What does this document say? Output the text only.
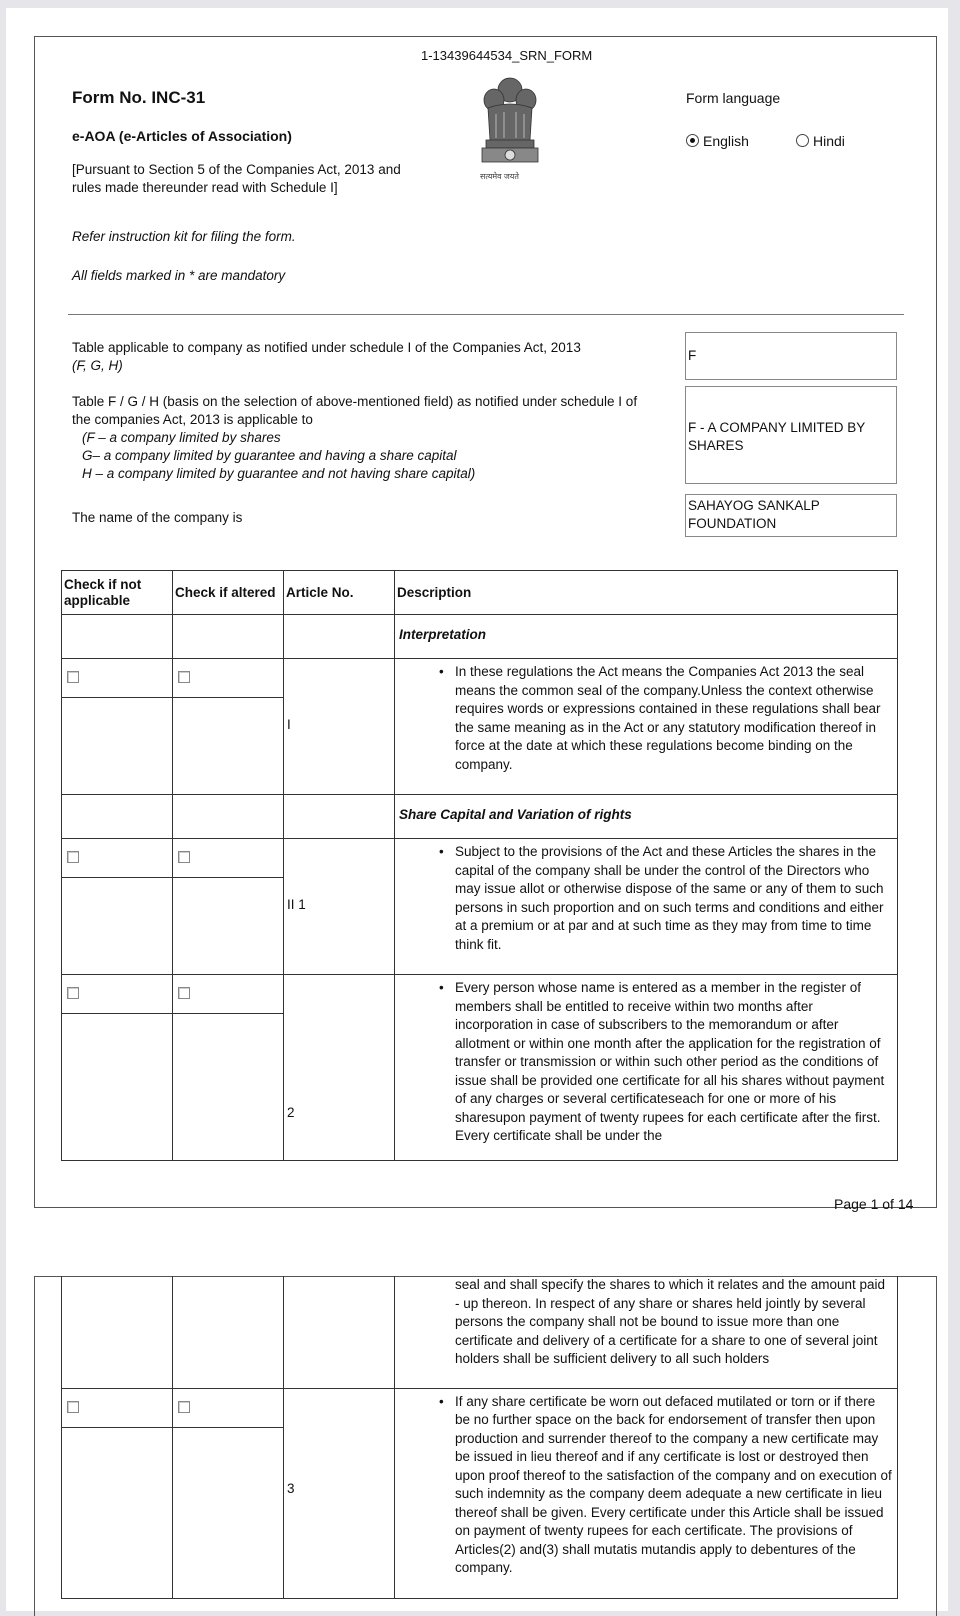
1-13439644534_SRN_FORM
Form No. INC-31
e-AOA (e-Articles of Association)
[Pursuant to Section 5 of the Companies Act, 2013 and rules made thereunder read with Schedule I]
सत्यमेव जयते
Refer instruction kit for filing the form.
All fields marked in * are mandatory
Form language
English	Hindi
Table applicable to company as notified under schedule I of the Companies Act, 2013
(F, G, H)
F
Table F / G / H (basis on the selection of above-mentioned field) as notified under schedule I of
the companies Act, 2013 is applicable to
(F – a company limited by shares
G– a company limited by guarantee and having a share capital
H – a company limited by guarantee and not having share capital)
F - A COMPANY LIMITED BY
SHARES
The name of the company is
SAHAYOG SANKALP
FOUNDATION
Check if not applicable	Check if altered	Article No.	Description

			Interpretation

		I	• In these regulations the Act means the Companies Act 2013 the seal means the common seal of the company.Unless the context otherwise requires words or expressions contained in these regulations shall bear the same meaning as in the Act or any statutory modification thereof in force at the date at which these regulations become binding on the company.

			Share Capital and Variation of rights

		II 1	• Subject to the provisions of the Act and these Articles the shares in the capital of the company shall be under the control of the Directors who may issue allot or otherwise dispose of the same or any of them to such persons in such proportion and on such terms and conditions and either at a premium or at par and at such time as they may from time to time think fit.

		2	• Every person whose name is entered as a member in the register of members shall be entitled to receive within two months after incorporation in case of subscribers to the memorandum or after allotment or within one month after the application for the registration of transfer or transmission or within such other period as the conditions of issue shall be provided one certificate for all his shares without payment of any charges or several certificateseach for one or more of his sharesupon payment of twenty rupees for each certificate after the first. Every certificate shall be under the
Page 1 of 14

			seal and shall specify the shares to which it relates and the amount paid - up thereon. In respect of any share or shares held jointly by several persons the company shall not be bound to issue more than one certificate and delivery of a certificate for a share to one of several joint holders shall be sufficient delivery to all such holders

		3	• If any share certificate be worn out defaced mutilated or torn or if there be no further space on the back for endorsement of transfer then upon production and surrender thereof to the company a new certificate may be issued in lieu thereof and if any certificate is lost or destroyed then upon proof thereof to the satisfaction of the company and on execution of such indemnity as the company deem adequate a new certificate in lieu thereof shall be given. Every certificate under this Article shall be issued on payment of twenty rupees for each certificate. The provisions of Articles(2) and(3) shall mutatis mutandis apply to debentures of the company.
